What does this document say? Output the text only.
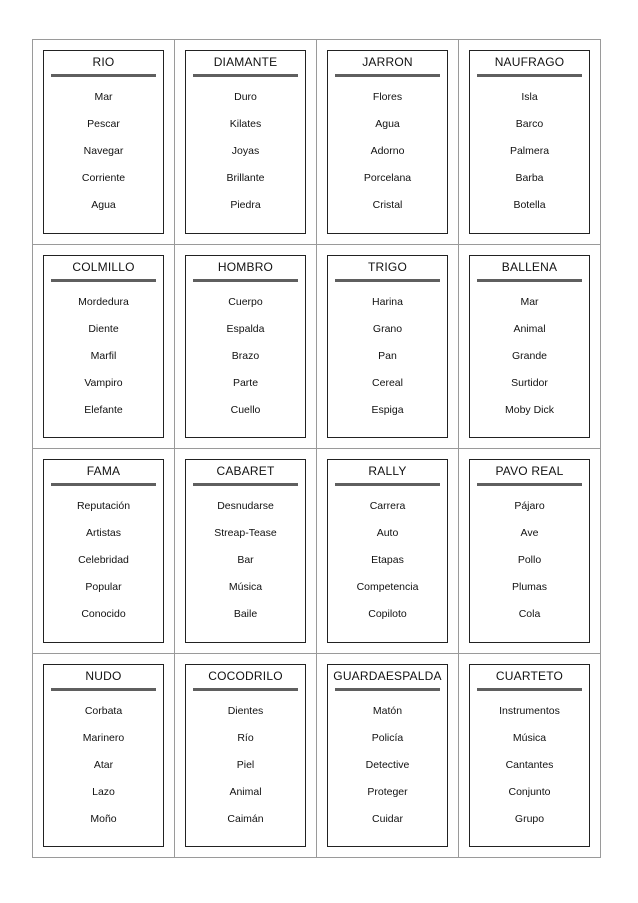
RIO
Mar
Pescar
Navegar
Corriente
Agua
DIAMANTE
Duro
Kilates
Joyas
Brillante
Piedra
JARRON
Flores
Agua
Adorno
Porcelana
Cristal
NAUFRAGO
Isla
Barco
Palmera
Barba
Botella
COLMILLO
Mordedura
Diente
Marfil
Vampiro
Elefante
HOMBRO
Cuerpo
Espalda
Brazo
Parte
Cuello
TRIGO
Harina
Grano
Pan
Cereal
Espiga
BALLENA
Mar
Animal
Grande
Surtidor
Moby Dick
FAMA
Reputación
Artistas
Celebridad
Popular
Conocido
CABARET
Desnudarse
Streap-Tease
Bar
Música
Baile
RALLY
Carrera
Auto
Etapas
Competencia
Copiloto
PAVO REAL
Pájaro
Ave
Pollo
Plumas
Cola
NUDO
Corbata
Marinero
Atar
Lazo
Moño
COCODRILO
Dientes
Río
Piel
Animal
Caimán
GUARDAESPALDA
Matón
Policía
Detective
Proteger
Cuidar
CUARTETO
Instrumentos
Música
Cantantes
Conjunto
Grupo
